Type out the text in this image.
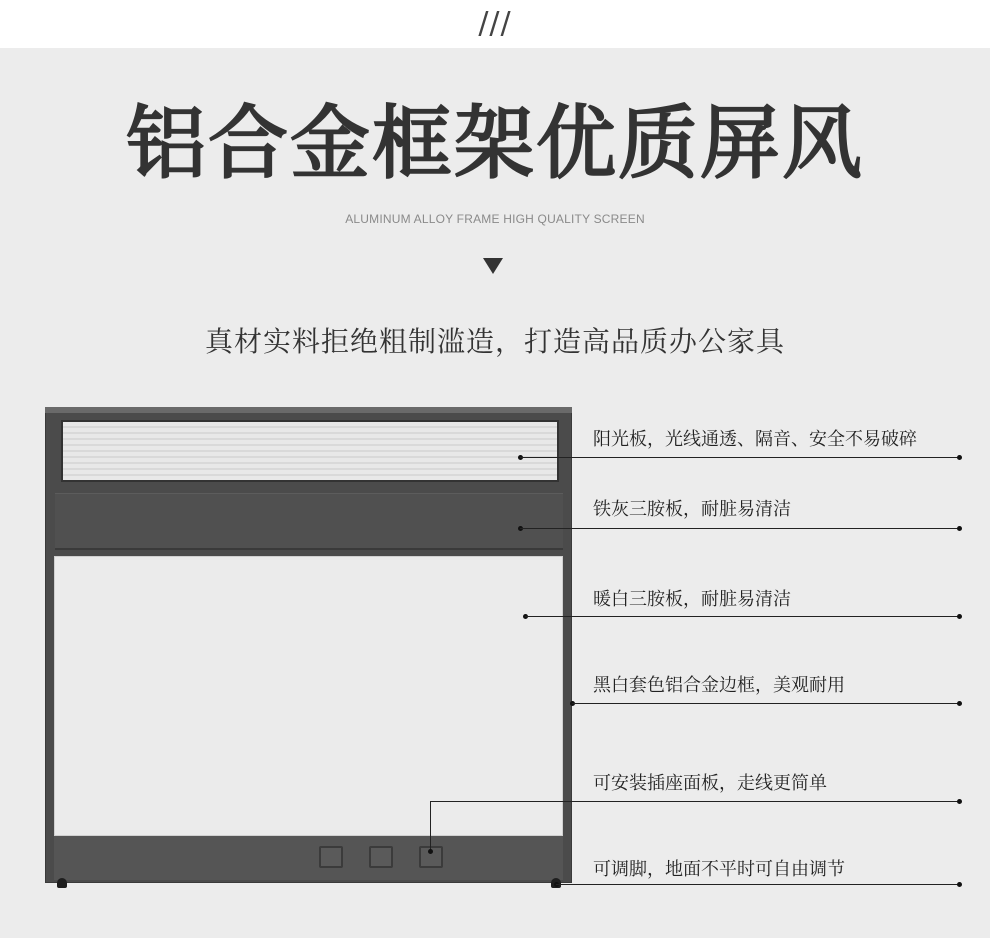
///
铝合金框架优质屏风
ALUMINUM ALLOY FRAME HIGH QUALITY SCREEN
真材实料拒绝粗制滥造，打造高品质办公家具
阳光板，光线通透、隔音、安全不易破碎
铁灰三胺板，耐脏易清洁
暖白三胺板，耐脏易清洁
黑白套色铝合金边框，美观耐用
可安装插座面板，走线更简单
可调脚，地面不平时可自由调节
